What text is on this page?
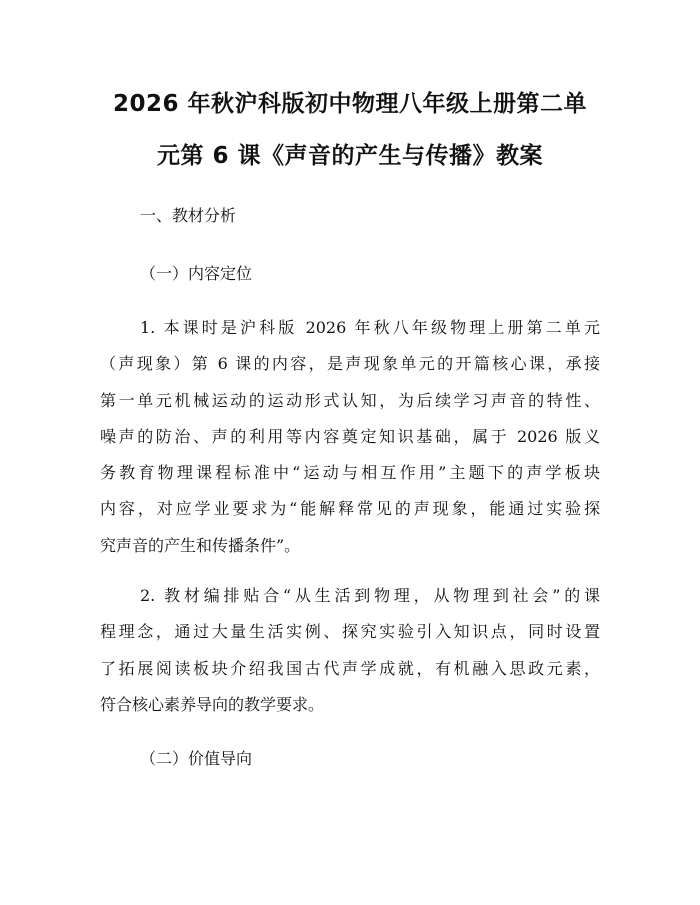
2026 年秋沪科版初中物理八年级上册第二单
元第 6 课《声音的产生与传播》教案
一、教材分析
（一）内容定位
1. 本课时是沪科版 2026 年秋八年级物理上册第二单元
（声现象）第 6 课的内容，是声现象单元的开篇核心课，承接
第一单元机械运动的运动形式认知，为后续学习声音的特性、
噪声的防治、声的利用等内容奠定知识基础，属于 2026 版义
务教育物理课程标准中“运动与相互作用”主题下的声学板块
内容，对应学业要求为“能解释常见的声现象，能通过实验探
究声音的产生和传播条件”。
2. 教材编排贴合“从生活到物理，从物理到社会”的课
程理念，通过大量生活实例、探究实验引入知识点，同时设置
了拓展阅读板块介绍我国古代声学成就，有机融入思政元素，
符合核心素养导向的教学要求。
（二）价值导向
